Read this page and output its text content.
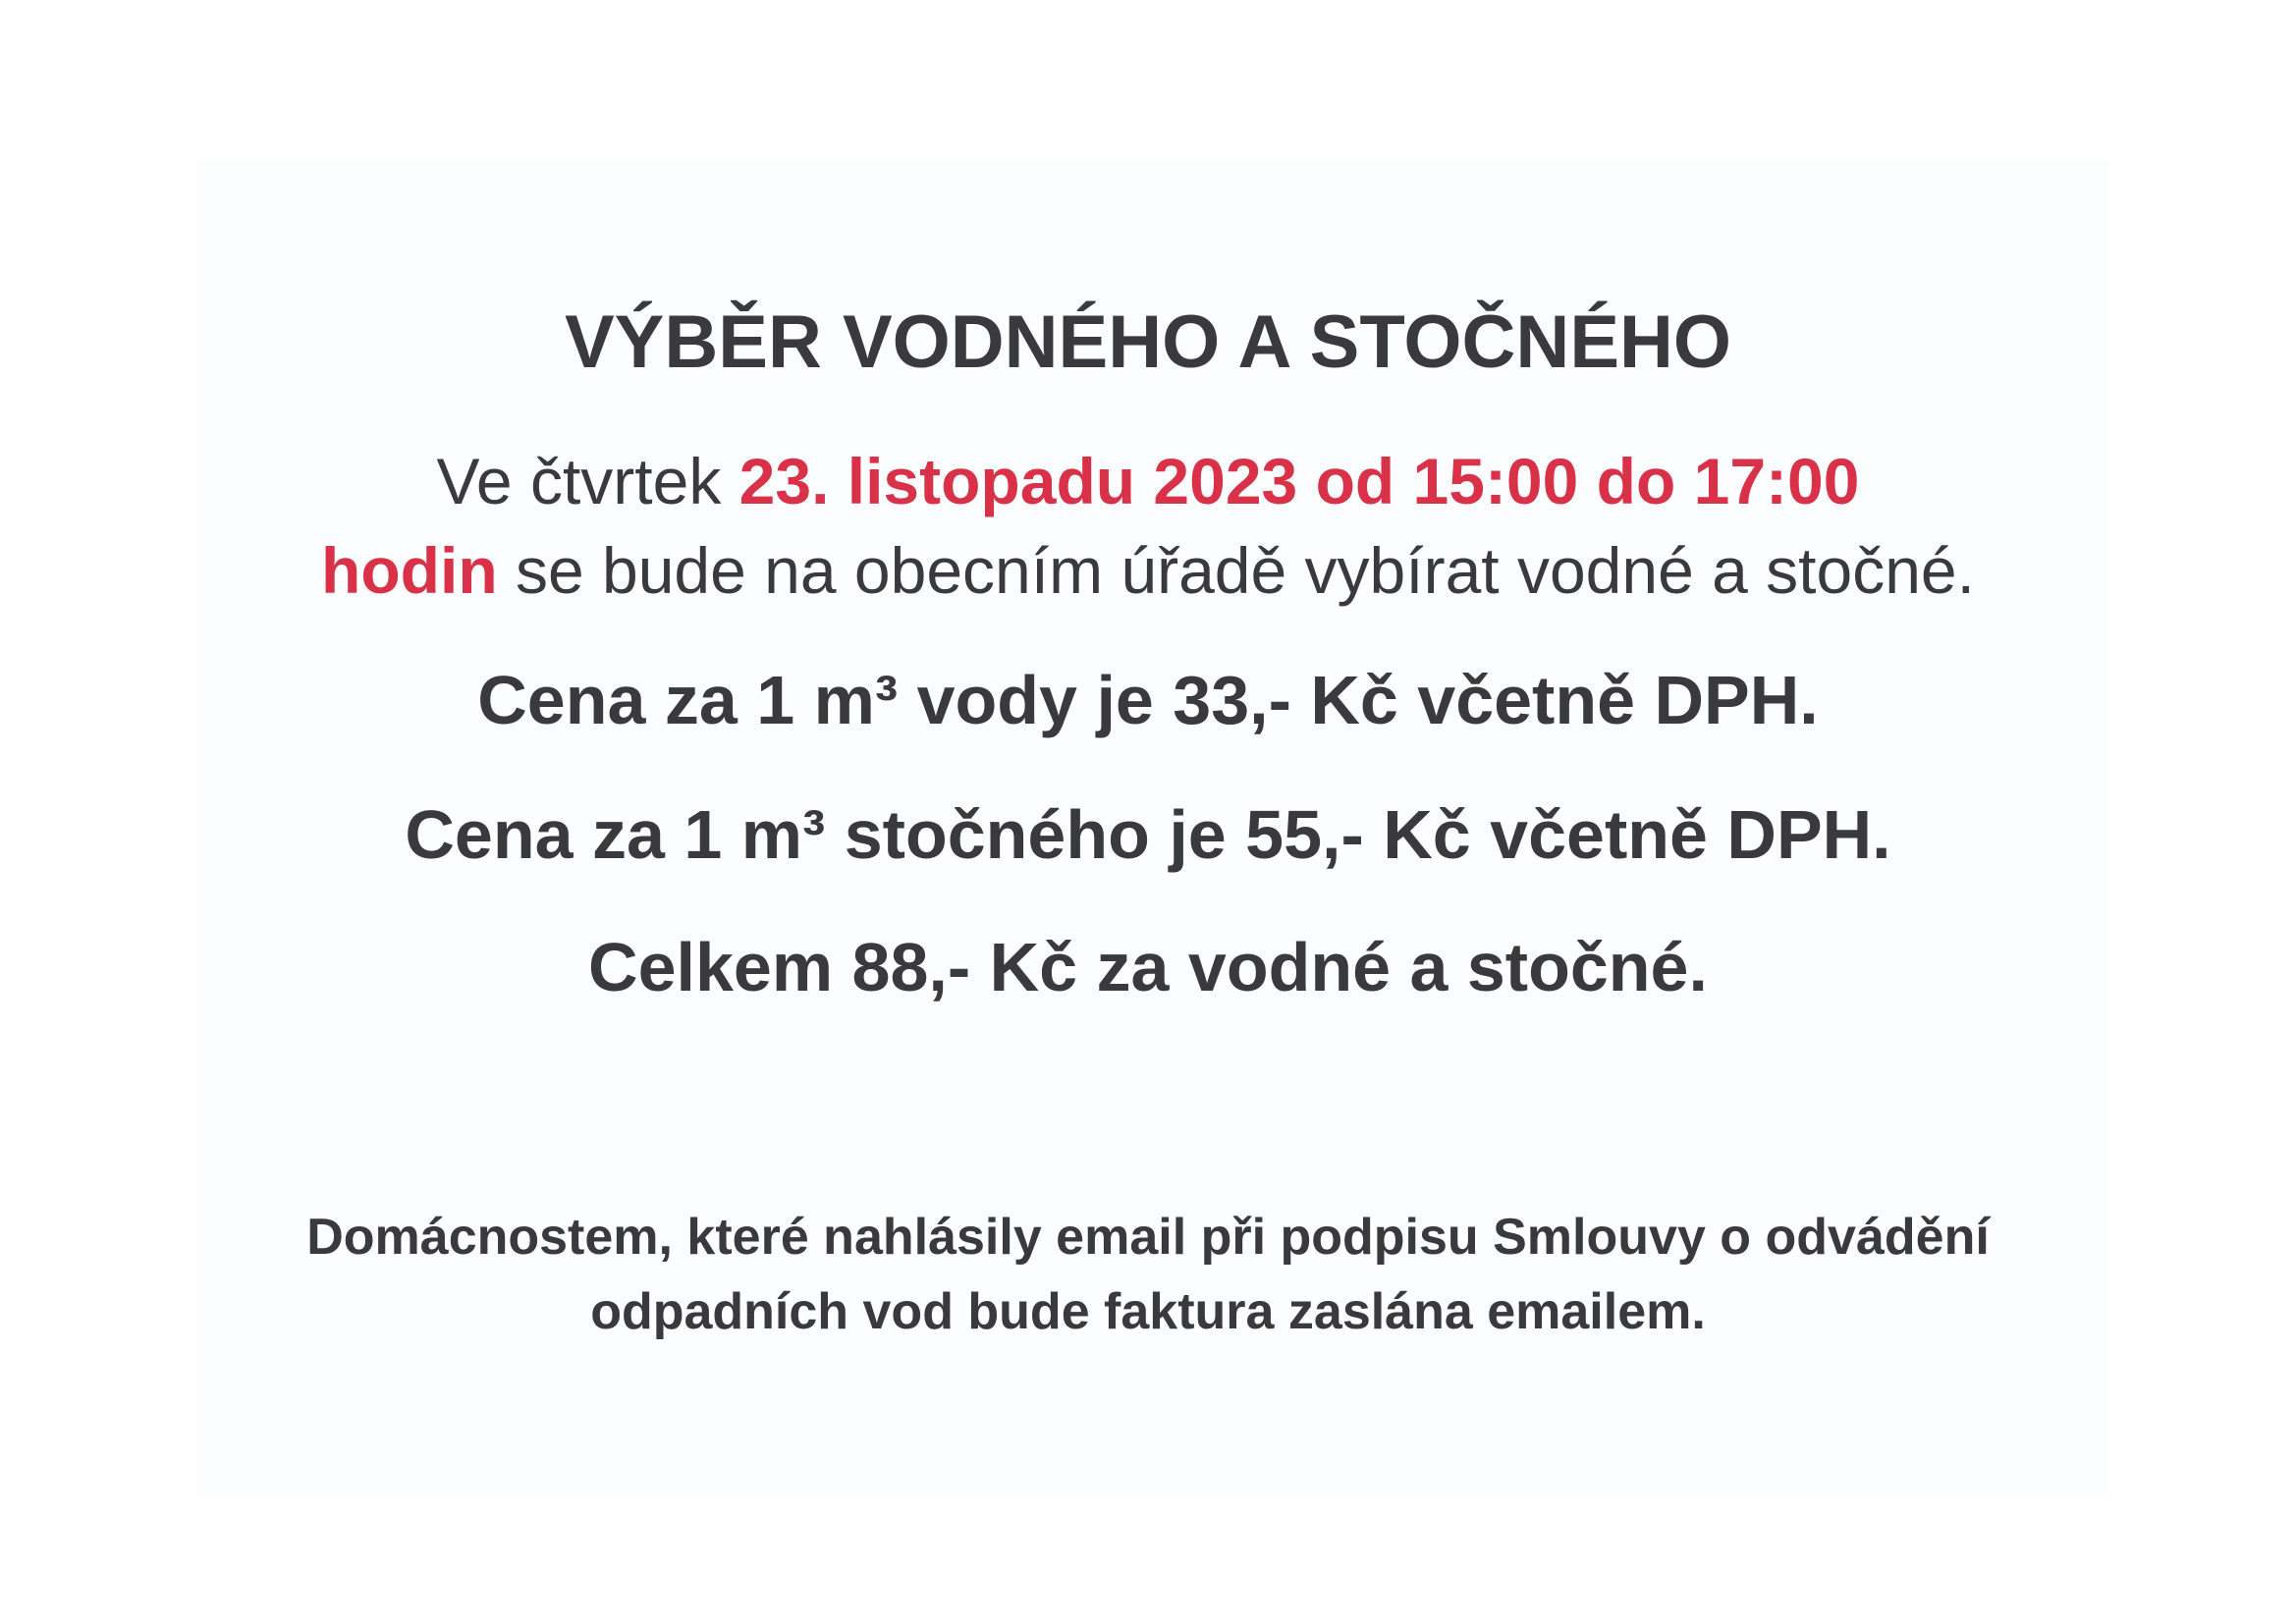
VÝBĚR VODNÉHO A STOČNÉHO
Ve čtvrtek 23. listopadu 2023 od 15:00 do 17:00
hodin se bude na obecním úřadě vybírat vodné a stočné.
Cena za 1 m³ vody je 33,- Kč včetně DPH.
Cena za 1 m³ stočného je 55,- Kč včetně DPH.
Celkem 88,- Kč za vodné a stočné.
Domácnostem, které nahlásily email při podpisu Smlouvy o odvádění
odpadních vod bude faktura zaslána emailem.
